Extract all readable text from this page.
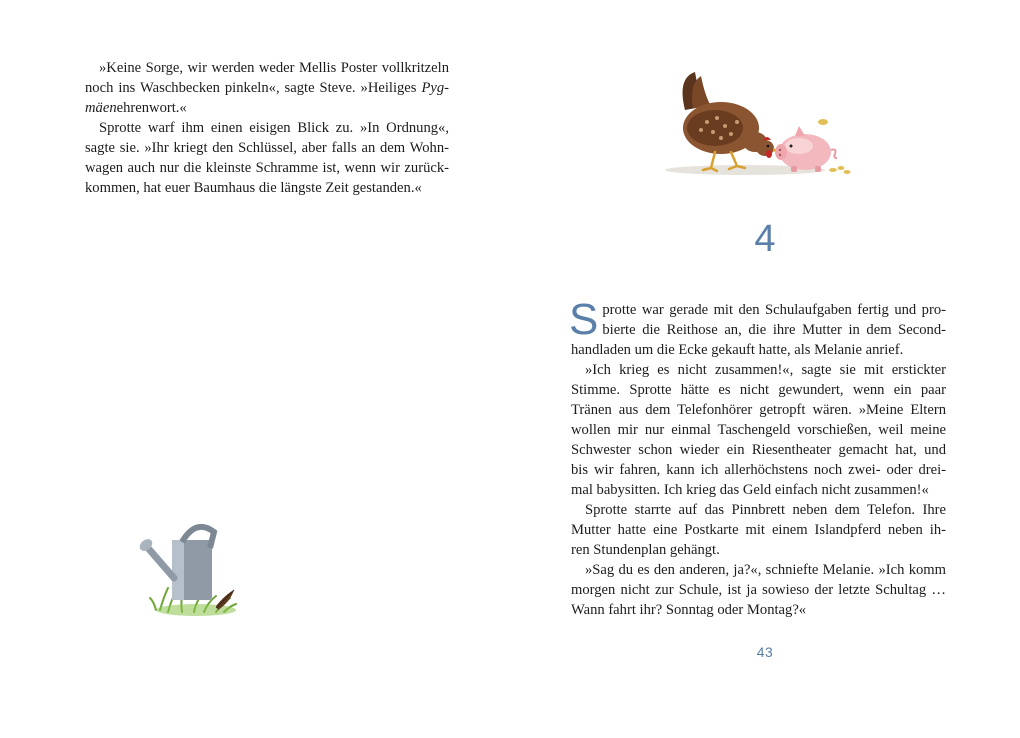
»Keine Sorge, wir werden weder Mellis Poster vollkritzeln
noch ins Waschbecken pinkeln«, sagte Steve. »Heiliges Pyg-
mäenehrenwort.«
Sprotte warf ihm einen eisigen Blick zu. »In Ordnung«,
sagte sie. »Ihr kriegt den Schlüssel, aber falls an dem Wohn-
wagen auch nur die kleinste Schramme ist, wenn wir zurück-
kommen, hat euer Baumhaus die längste Zeit gestanden.«
4
S protte war gerade mit den Schulaufgaben fertig und pro-
bierte die Reithose an, die ihre Mutter in dem Second-
handladen um die Ecke gekauft hatte, als Melanie anrief.
»Ich krieg es nicht zusammen!«, sagte sie mit erstickter
Stimme. Sprotte hätte es nicht gewundert, wenn ein paar
Tränen aus dem Telefonhörer getropft wären. »Meine Eltern
wollen mir nur einmal Taschengeld vorschießen, weil meine
Schwester schon wieder ein Riesentheater gemacht hat, und
bis wir fahren, kann ich allerhöchstens noch zwei- oder drei-
mal babysitten. Ich krieg das Geld einfach nicht zusammen!«
Sprotte starrte auf das Pinnbrett neben dem Telefon. Ihre
Mutter hatte eine Postkarte mit einem Islandpferd neben ih-
ren Stundenplan gehängt.
»Sag du es den anderen, ja?«, schniefte Melanie. »Ich komm
morgen nicht zur Schule, ist ja sowieso der letzte Schultag …
Wann fahrt ihr? Sonntag oder Montag?«
43
